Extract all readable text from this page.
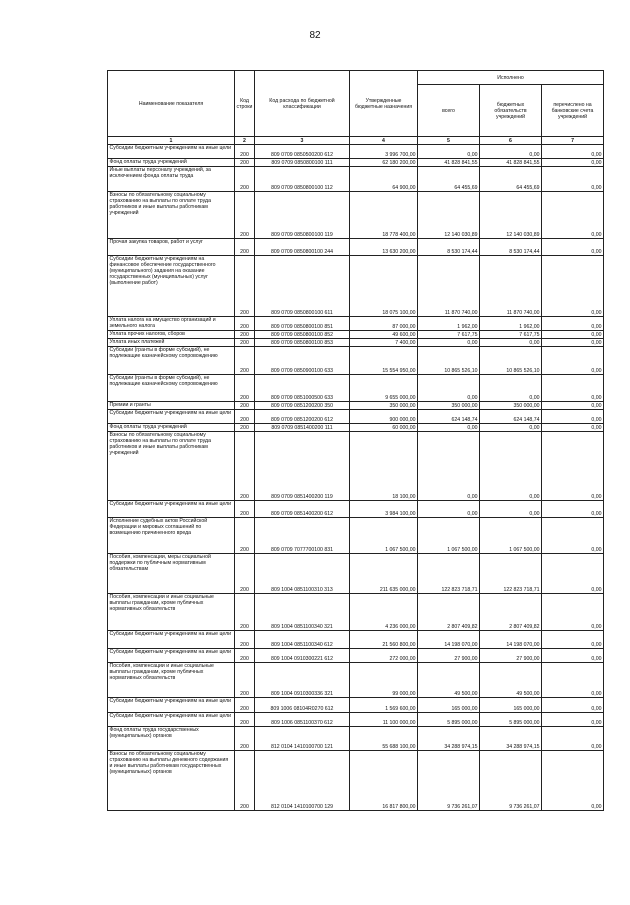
82
Наименование показателя	Код строки	Код расхода по бюджетной классификации	Утвержденные бюджетные назначения	Исполнено		
				всего	бюджетных обязательств учреждений	перечислено на банковские счета учреждений
1	2	3	4	5	6	7
Субсидии бюджетным учреждениям на иные цели	200	809 0709 0850500200 612	3 996 700,00	0,00	0,00	0,00
Фонд оплаты труда учреждений	200	809 0709 0850800100 111	62 180 200,00	41 828 841,55	41 828 841,55	0,00
Иные выплаты персоналу учреждений, за исключением фонда оплаты труда	200	809 0709 0850800100 112	64 900,00	64 455,69	64 455,69	0,00
Взносы по обязательному социальному страхованию на выплаты по оплате труда работников и иные выплаты работникам учреждений	200	809 0709 0850800100 119	18 778 400,00	12 140 030,89	12 140 030,89	0,00
Прочая закупка товаров, работ и услуг	200	809 0709 0850800100 244	13 630 200,00	8 530 174,44	8 530 174,44	0,00
Субсидии бюджетным учреждениям на финансовое обеспечение государственного (муниципального) задания на оказание государственных (муниципальных) услуг (выполнение работ)	200	809 0709 0850800100 611	18 075 100,00	11 870 740,00	11 870 740,00	0,00
Уплата налога на имущество организаций и земельного налога	200	809 0709 0850800100 851	87 000,00	1 962,00	1 962,00	0,00
Уплата прочих налогов, сборов	200	809 0709 0850800100 852	49 600,00	7 617,75	7 617,75	0,00
Уплата иных платежей	200	809 0709 0850800100 853	7 400,00	0,00	0,00	0,00
Субсидии (гранты в форме субсидий), не подлежащие казначейскому сопровождению	200	809 0709 0850900100 633	15 554 950,00	10 865 526,10	10 865 526,10	0,00
Субсидии (гранты в форме субсидий), не подлежащие казначейскому сопровождению	200	809 0709 0851000500 633	9 655 000,00	0,00	0,00	0,00
Премии и гранты	200	809 0709 0851200200 350	350 000,00	350 000,00	350 000,00	0,00
Субсидии бюджетным учреждениям на иные цели	200	809 0709 0851200200 612	900 000,00	624 148,74	624 148,74	0,00
Фонд оплаты труда учреждений	200	809 0709 0851400200 111	60 000,00	0,00	0,00	0,00
Взносы по обязательному социальному страхованию на выплаты по оплате труда работников и иные выплаты работникам учреждений	200	809 0709 0851400200 119	18 100,00	0,00	0,00	0,00
Субсидии бюджетным учреждениям на иные цели	200	809 0709 0851400200 612	3 984 100,00	0,00	0,00	0,00
Исполнение судебных актов Российской Федерации и мировых соглашений по возмещению причиненного вреда	200	809 0709 7077700100 831	1 067 500,00	1 067 500,00	1 067 500,00	0,00
Пособия, компенсации, меры социальной поддержки по публичным нормативным обязательствам	200	809 1004 0851100310 313	211 635 000,00	122 823 718,71	122 823 718,71	0,00
Пособия, компенсации и иные социальные выплаты гражданам, кроме публичных нормативных обязательств	200	809 1004 0851100340 321	4 236 000,00	2 807 409,82	2 807 409,82	0,00
Субсидии бюджетным учреждениям на иные цели	200	809 1004 0851100340 612	21 560 800,00	14 198 070,00	14 198 070,00	0,00
Субсидии бюджетным учреждениям на иные цели	200	809 1004 0910300221 612	272 000,00	27 900,00	27 900,00	0,00
Пособия, компенсации и иные социальные выплаты гражданам, кроме публичных нормативных обязательств	200	809 1004 0910300336 321	99 000,00	49 500,00	49 500,00	0,00
Субсидии бюджетным учреждениям на иные цели	200	809 1006 08104R0270 612	1 569 600,00	165 000,00	165 000,00	0,00
Субсидии бюджетным учреждениям на иные цели	200	809 1006 0851100370 612	11 100 000,00	5 895 000,00	5 895 000,00	0,00
Фонд оплаты труда государственных (муниципальных) органов	200	812 0104 1410100700 121	55 688 100,00	34 288 974,15	34 288 974,15	0,00
Взносы по обязательному социальному страхованию на выплаты денежного содержания и иные выплаты работникам государственных (муниципальных) органов	200	812 0104 1410100700 129	16 817 800,00	9 736 261,07	9 736 261,07	0,00
